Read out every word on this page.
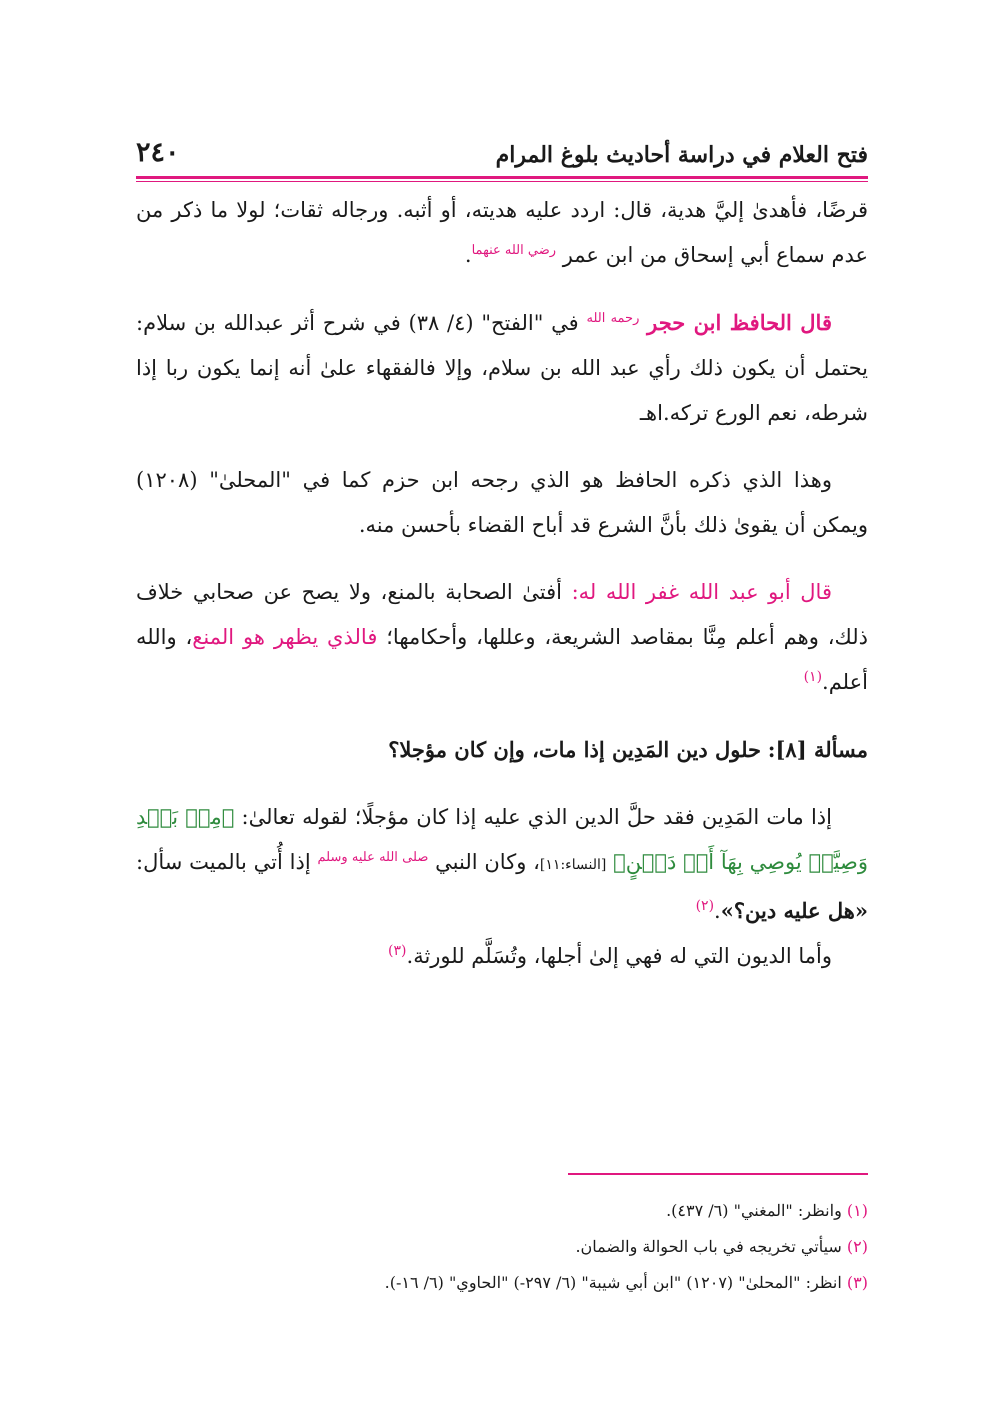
فتح العلام في دراسة أحاديث بلوغ المرام
٢٤٠

قرضًا، فأهدىٰ إليَّ هدية، قال: اردد عليه هديته، أو أثبه. ورجاله ثقات؛ لولا ما ذكر من عدم سماع أبي إسحاق من ابن عمر $^{رضي الله عنهما}$.

قال الحافظ ابن حجر $^{رحمه الله}$ في "الفتح" (٤/ ٣٨) في شرح أثر عبدالله بن سلام: يحتمل أن يكون ذلك رأي عبد الله بن سلام، وإلا فالفقهاء علىٰ أنه إنما يكون ربا إذا شرطه، نعم الورع تركه.اهـ

وهذا الذي ذكره الحافظ هو الذي رجحه ابن حزم كما في "المحلىٰ" (١٢٠٨) ويمكن أن يقوىٰ ذلك بأنَّ الشرع قد أباح القضاء بأحسن منه.

قال أبو عبد الله غفر الله له: أفتىٰ الصحابة بالمنع، ولا يصح عن صحابي خلاف ذلك، وهم أعلم مِنَّا بمقاصد الشريعة، وعللها، وأحكامها؛ فالذي يظهر هو المنع، والله أعلم.$^{(١)}$

مسألة [٨]: حلول دين المَدِين إذا مات، وإن كان مؤجلا؟

إذا مات المَدِين فقد حلَّ الدين الذي عليه إذا كان مؤجلًا؛ لقوله تعالىٰ: ﴿مِنۢ بَعۡدِ وَصِيَّةٖ يُوصِي بِهَآ أَوۡ دَيۡنٍ﴾ [النساء:١١]، وكان النبي $^{صلى الله عليه وسلم}$ إذا أُتي بالميت سأل: «هل عليه دين؟».$^{(٢)}$

وأما الديون التي له فهي إلىٰ أجلها، وتُسَلَّم للورثة.$^{(٣)}$

(١) وانظر: "المغني" (٦/ ٤٣٧).

(٢) سيأتي تخريجه في باب الحوالة والضمان.

(٣) انظر: "المحلىٰ" (١٢٠٧) "ابن أبي شيبة" (٦/ ٢٩٧-) "الحاوي" (٦/ ١٦-).
